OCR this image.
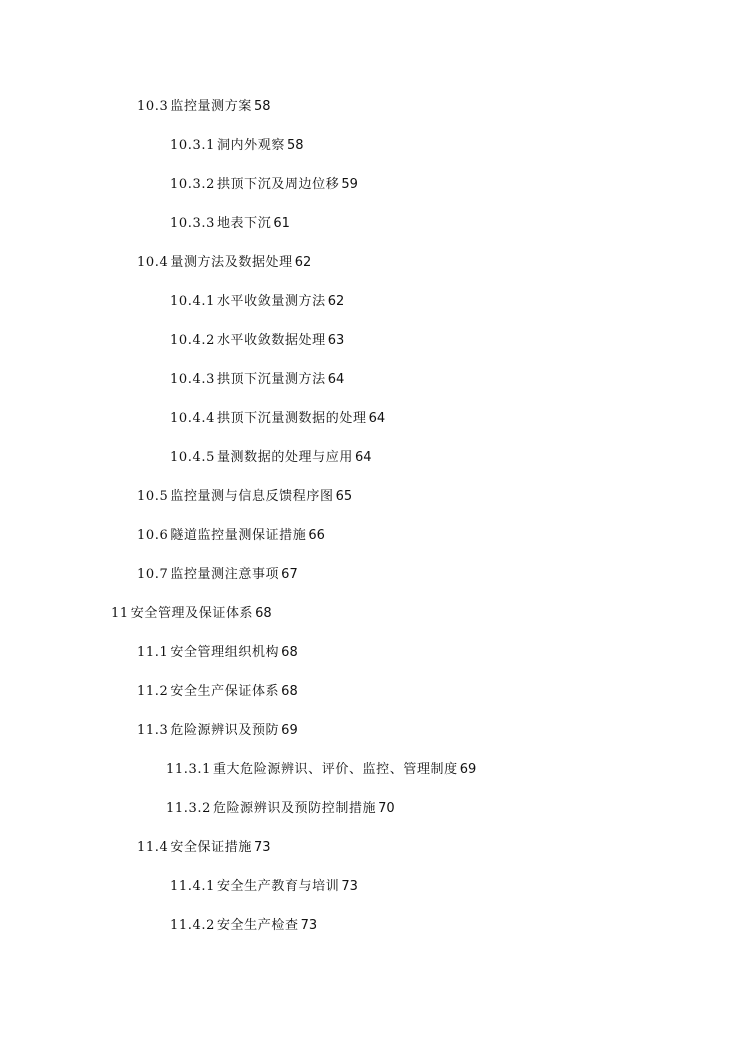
10.3 监控量测方案 58
10.3.1 洞内外观察 58
10.3.2 拱顶下沉及周边位移 59
10.3.3 地表下沉 61
10.4 量测方法及数据处理 62
10.4.1 水平收敛量测方法 62
10.4.2 水平收敛数据处理 63
10.4.3 拱顶下沉量测方法 64
10.4.4 拱顶下沉量测数据的处理 64
10.4.5 量测数据的处理与应用 64
10.5 监控量测与信息反馈程序图 65
10.6 隧道监控量测保证措施 66
10.7 监控量测注意事项 67
11 安全管理及保证体系 68
11.1 安全管理组织机构 68
11.2 安全生产保证体系 68
11.3 危险源辨识及预防 69
11.3.1 重大危险源辨识、评价、监控、管理制度 69
11.3.2 危险源辨识及预防控制措施 70
11.4 安全保证措施 73
11.4.1 安全生产教育与培训 73
11.4.2 安全生产检查 73
